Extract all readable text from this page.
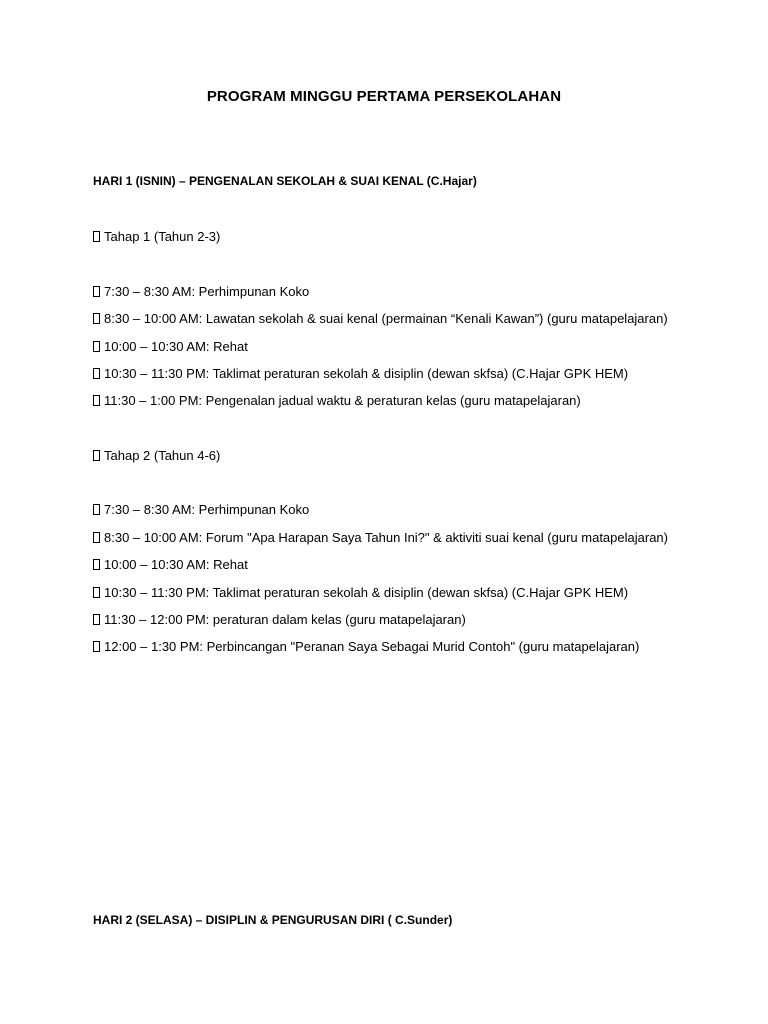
PROGRAM MINGGU PERTAMA PERSEKOLAHAN
HARI 1 (ISNIN) – PENGENALAN SEKOLAH & SUAI KENAL (C.Hajar)
Tahap 1 (Tahun 2-3)
7:30 – 8:30 AM: Perhimpunan Koko
8:30 – 10:00 AM: Lawatan sekolah & suai kenal (permainan “Kenali Kawan”) (guru matapelajaran)
10:00 – 10:30 AM: Rehat
10:30 – 11:30 PM: Taklimat peraturan sekolah & disiplin (dewan skfsa) (C.Hajar GPK HEM)
11:30 – 1:00 PM: Pengenalan jadual waktu & peraturan kelas (guru matapelajaran)
Tahap 2 (Tahun 4-6)
7:30 – 8:30 AM: Perhimpunan Koko
8:30 – 10:00 AM: Forum "Apa Harapan Saya Tahun Ini?" & aktiviti suai kenal (guru matapelajaran)
10:00 – 10:30 AM: Rehat
10:30 – 11:30 PM: Taklimat peraturan sekolah & disiplin (dewan skfsa) (C.Hajar GPK HEM)
11:30 – 12:00 PM: peraturan dalam kelas (guru matapelajaran)
12:00 – 1:30 PM: Perbincangan "Peranan Saya Sebagai Murid Contoh" (guru matapelajaran)
HARI 2 (SELASA) – DISIPLIN & PENGURUSAN DIRI ( C.Sunder)
